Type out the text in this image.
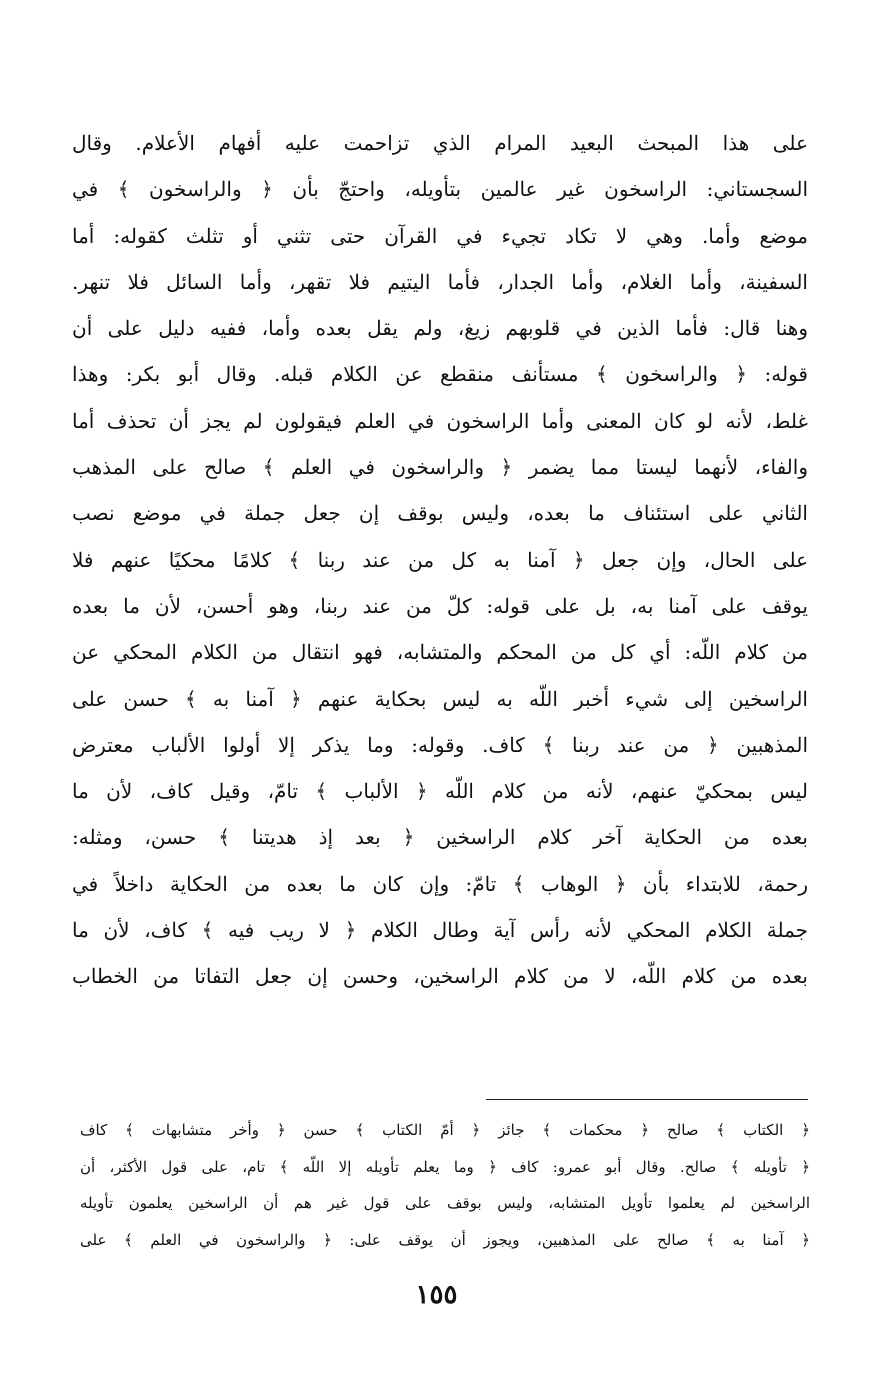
على هذا المبحث البعيد المرام الذي تزاحمت عليه أفهام الأعلام. وقال
السجستاني: الراسخون غير عالمين بتأويله، واحتجّ بأن ﴿ والراسخون ﴾ في
موضع وأما. وهي لا تكاد تجيء في القرآن حتى تثني أو تثلث كقوله: أما
السفينة، وأما الغلام، وأما الجدار، فأما اليتيم فلا تقهر، وأما السائل فلا تنهر.
وهنا قال: فأما الذين في قلوبهم زيغ، ولم يقل بعده وأما، ففيه دليل على أن
قوله: ﴿ والراسخون ﴾ مستأنف منقطع عن الكلام قبله. وقال أبو بكر: وهذا
غلط، لأنه لو كان المعنى وأما الراسخون في العلم فيقولون لم يجز أن تحذف أما
والفاء، لأنهما ليستا مما يضمر ﴿ والراسخون في العلم ﴾ صالح على المذهب
الثاني على استئناف ما بعده، وليس بوقف إن جعل جملة في موضع نصب
على الحال، وإن جعل ﴿ آمنا به كل من عند ربنا ﴾ كلامًا محكيًا عنهم فلا
يوقف على آمنا به، بل على قوله: كلّ من عند ربنا، وهو أحسن، لأن ما بعده
من كلام اللّه: أي كل من المحكم والمتشابه، فهو انتقال من الكلام المحكي عن
الراسخين إلى شيء أخبر اللّه به ليس بحكاية عنهم ﴿ آمنا به ﴾ حسن على
المذهبين ﴿ من عند ربنا ﴾ كاف. وقوله: وما يذكر إلا أولوا الألباب معترض
ليس بمحكيّ عنهم، لأنه من كلام اللّه ﴿ الألباب ﴾ تامّ، وقيل كاف، لأن ما
بعده من الحكاية آخر كلام الراسخين ﴿ بعد إذ هديتنا ﴾ حسن، ومثله:
رحمة، للابتداء بأن ﴿ الوهاب ﴾ تامّ: وإن كان ما بعده من الحكاية داخلاً في
جملة الكلام المحكي لأنه رأس آية وطال الكلام ﴿ لا ريب فيه ﴾ كاف، لأن ما
بعده من كلام اللّه، لا من كلام الراسخين، وحسن إن جعل التفاتا من الخطاب
﴿ الكتاب ﴾ صالح ﴿ محكمات ﴾ جائز ﴿ أمّ الكتاب ﴾ حسن ﴿ وأخر متشابهات ﴾ كاف
﴿ تأويله ﴾ صالح. وقال أبو عمرو: كاف ﴿ وما يعلم تأويله إلا اللّه ﴾ تام، على قول الأكثر، أن
الراسخين لم يعلموا تأويل المتشابه، وليس بوقف على قول غير هم أن الراسخين يعلمون تأويله
﴿ آمنا به ﴾ صالح على المذهبين، ويجوز أن يوقف على: ﴿ والراسخون في العلم ﴾ على
١٥٥
